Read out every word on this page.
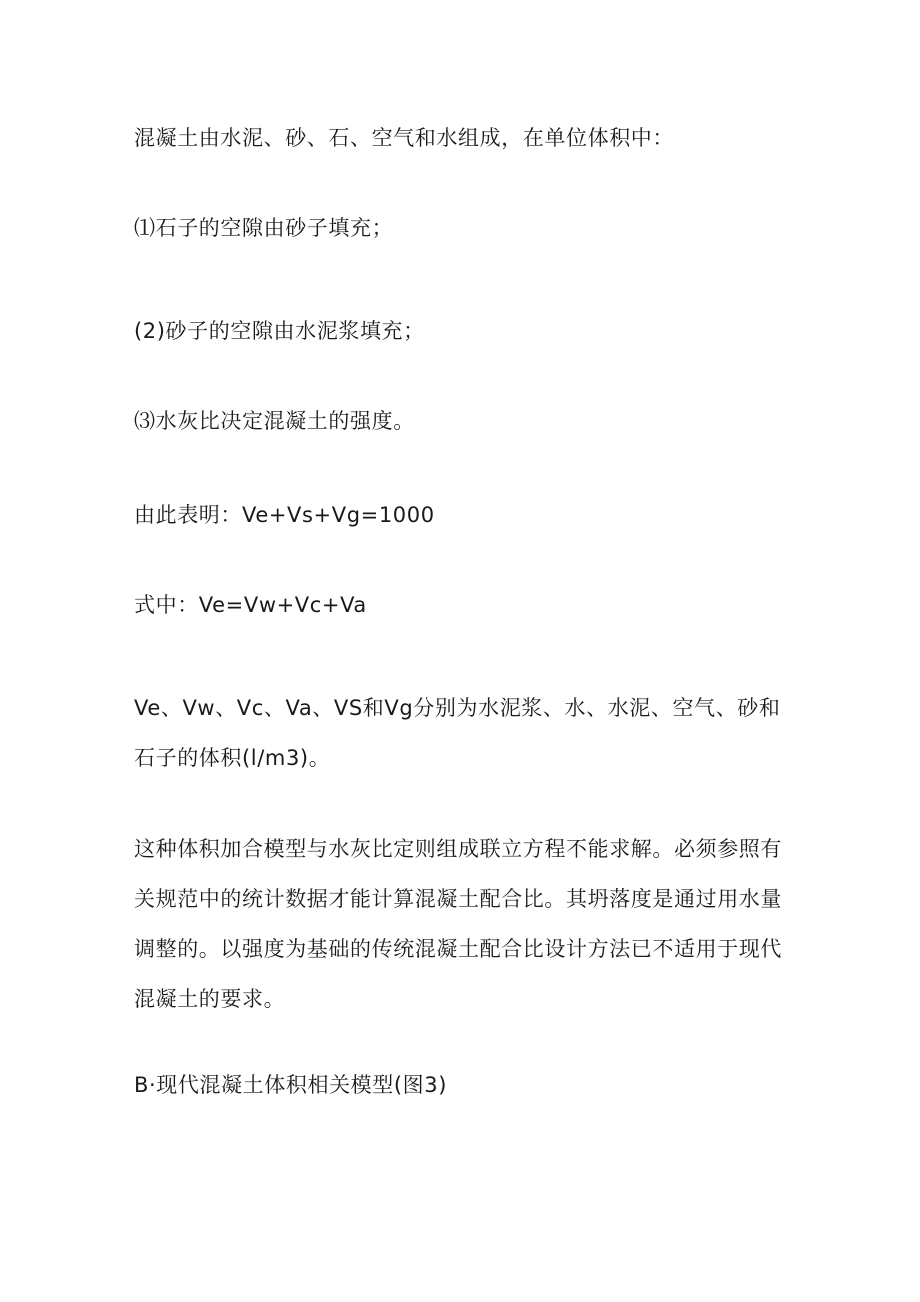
混凝土由水泥、砂、石、空气和水组成，在单位体积中：

⑴石子的空隙由砂子填充；

(2)砂子的空隙由水泥浆填充；

⑶水灰比决定混凝土的强度。

由此表明：Ve+Vs+Vg=1000

式中：Ve=Vw+Vc+Va

Ve、Vw、Vc、Va、VS和Vg分别为水泥浆、水、水泥、空气、砂和石子的体积(l/m3)。

这种体积加合模型与水灰比定则组成联立方程不能求解。必须参照有关规范中的统计数据才能计算混凝土配合比。其坍落度是通过用水量调整的。以强度为基础的传统混凝土配合比设计方法已不适用于现代混凝土的要求。

B·现代混凝土体积相关模型(图3)
